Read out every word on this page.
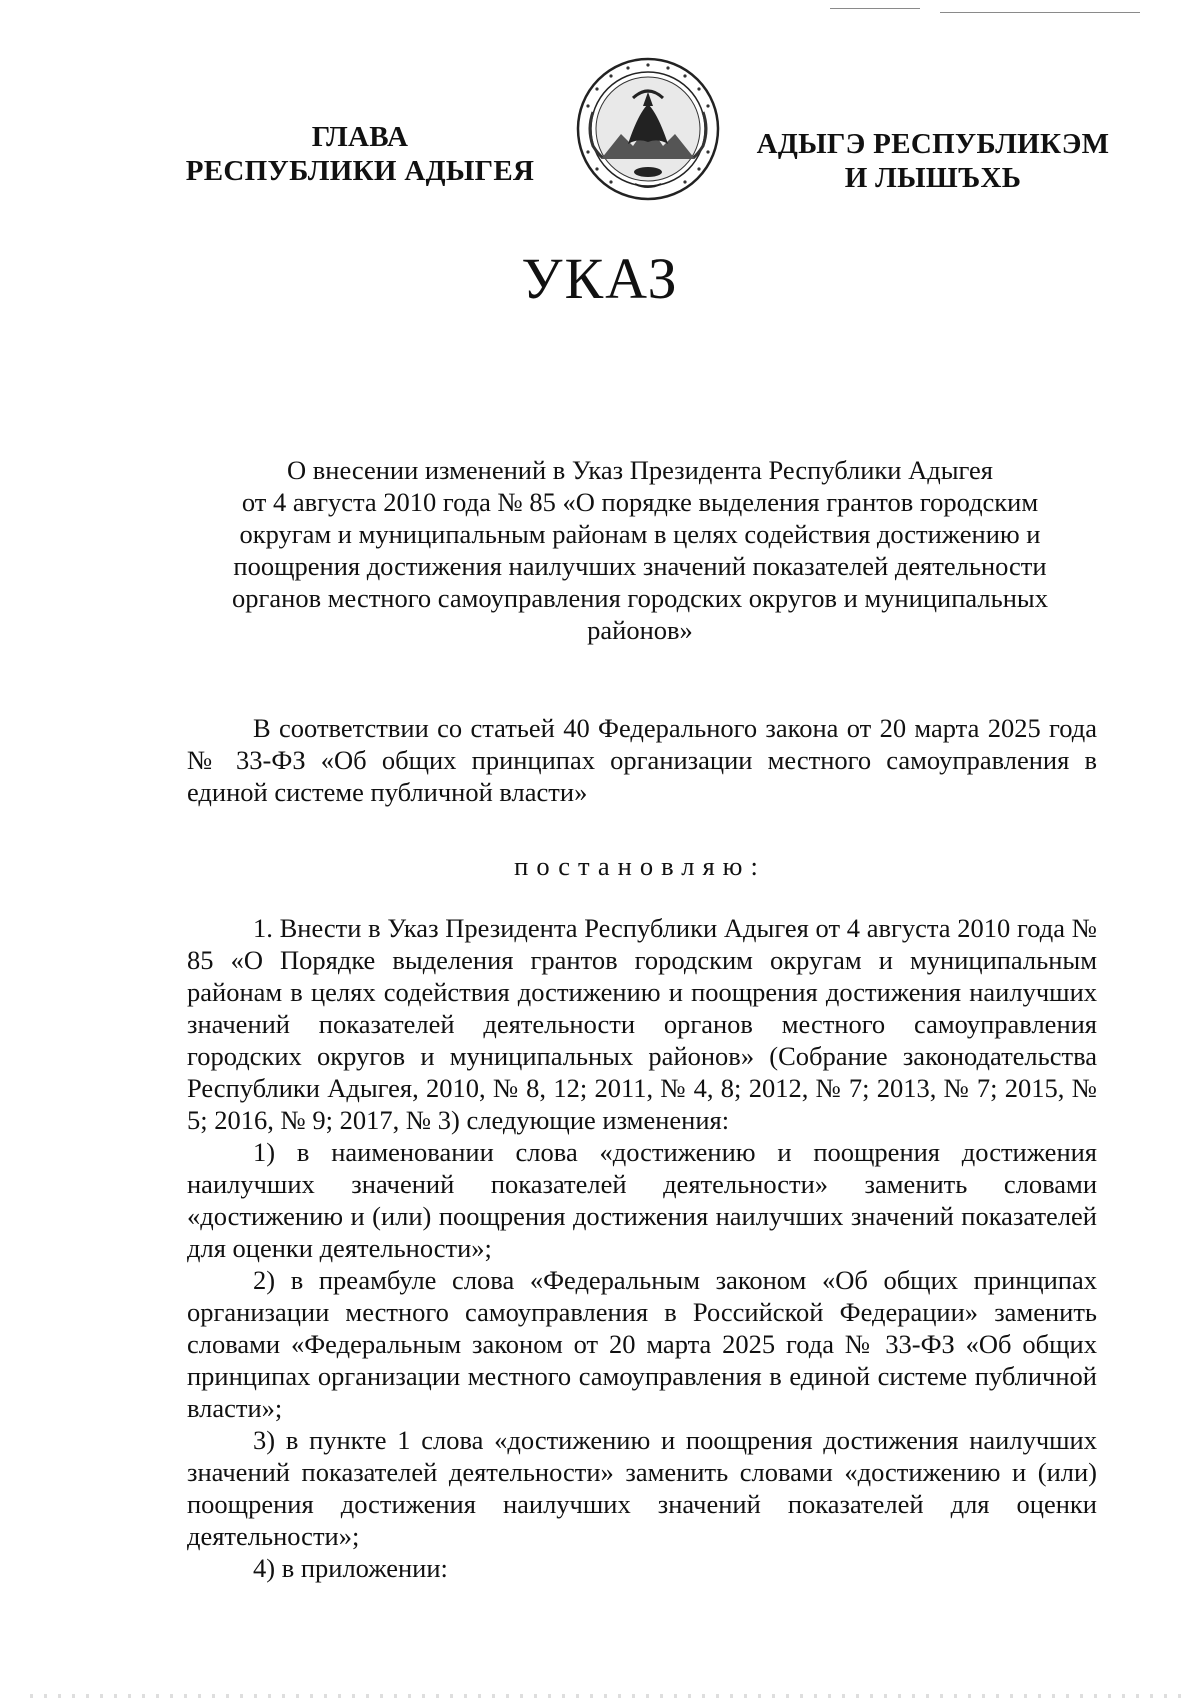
ГЛАВА
РЕСПУБЛИКИ АДЫГЕЯ
АДЫГЭ РЕСПУБЛИКЭМ
И ЛЫШЪХЬ
УКАЗ
О внесении изменений в Указ Президента Республики Адыгея
от 4 августа 2010 года № 85 «О порядке выделения грантов городским
округам и муниципальным районам в целях содействия достижению и
поощрения достижения наилучших значений показателей деятельности
органов местного самоуправления городских округов и муниципальных
районов»

В соответствии со статьей 40 Федерального закона от 20 марта 2025 года № 33-ФЗ «Об общих принципах организации местного самоуправления в единой системе публичной власти»

постановляю:

1. Внести в Указ Президента Республики Адыгея от 4 августа 2010 года № 85 «О Порядке выделения грантов городским округам и муниципальным районам в целях содействия достижению и поощрения достижения наилучших значений показателей деятельности органов местного самоуправления городских округов и муниципальных районов» (Собрание законодательства Республики Адыгея, 2010, № 8, 12; 2011, № 4, 8; 2012, № 7; 2013, № 7; 2015, № 5; 2016, № 9; 2017, № 3) следующие изменения:

1) в наименовании слова «достижению и поощрения достижения наилучших значений показателей деятельности» заменить словами «достижению и (или) поощрения достижения наилучших значений показателей для оценки деятельности»;

2) в преамбуле слова «Федеральным законом «Об общих принципах организации местного самоуправления в Российской Федерации» заменить словами «Федеральным законом от 20 марта 2025 года № 33-ФЗ «Об общих принципах организации местного самоуправления в единой системе публичной власти»;

3) в пункте 1 слова «достижению и поощрения достижения наилучших значений показателей деятельности» заменить словами «достижению и (или) поощрения достижения наилучших значений показателей для оценки деятельности»;

4) в приложении:
